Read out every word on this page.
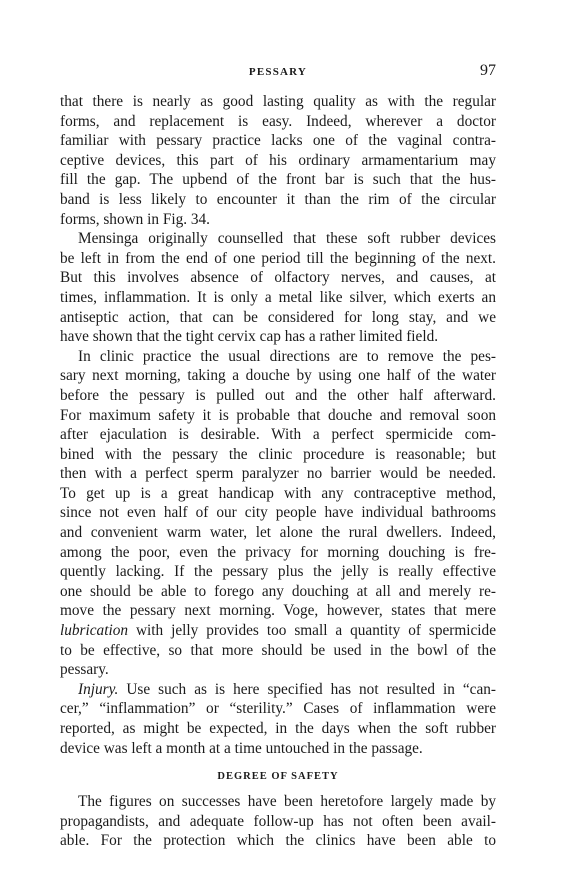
PESSARY	97
that there is nearly as good lasting quality as with the regular
forms, and replacement is easy. Indeed, wherever a doctor
familiar with pessary practice lacks one of the vaginal contra-
ceptive devices, this part of his ordinary armamentarium may
fill the gap. The upbend of the front bar is such that the hus-
band is less likely to encounter it than the rim of the circular
forms, shown in Fig. 34.
Mensinga originally counselled that these soft rubber devices
be left in from the end of one period till the beginning of the next.
But this involves absence of olfactory nerves, and causes, at
times, inflammation. It is only a metal like silver, which exerts an
antiseptic action, that can be considered for long stay, and we
have shown that the tight cervix cap has a rather limited field.
In clinic practice the usual directions are to remove the pes-
sary next morning, taking a douche by using one half of the water
before the pessary is pulled out and the other half afterward.
For maximum safety it is probable that douche and removal soon
after ejaculation is desirable. With a perfect spermicide com-
bined with the pessary the clinic procedure is reasonable; but
then with a perfect sperm paralyzer no barrier would be needed.
To get up is a great handicap with any contraceptive method,
since not even half of our city people have individual bathrooms
and convenient warm water, let alone the rural dwellers. Indeed,
among the poor, even the privacy for morning douching is fre-
quently lacking. If the pessary plus the jelly is really effective
one should be able to forego any douching at all and merely re-
move the pessary next morning. Voge, however, states that mere
lubrication with jelly provides too small a quantity of spermicide
to be effective, so that more should be used in the bowl of the
pessary.
Injury. Use such as is here specified has not resulted in “can-
cer,” “inflammation” or “sterility.” Cases of inflammation were
reported, as might be expected, in the days when the soft rubber
device was left a month at a time untouched in the passage.
DEGREE OF SAFETY
The figures on successes have been heretofore largely made by
propagandists, and adequate follow-up has not often been avail-
able. For the protection which the clinics have been able to
